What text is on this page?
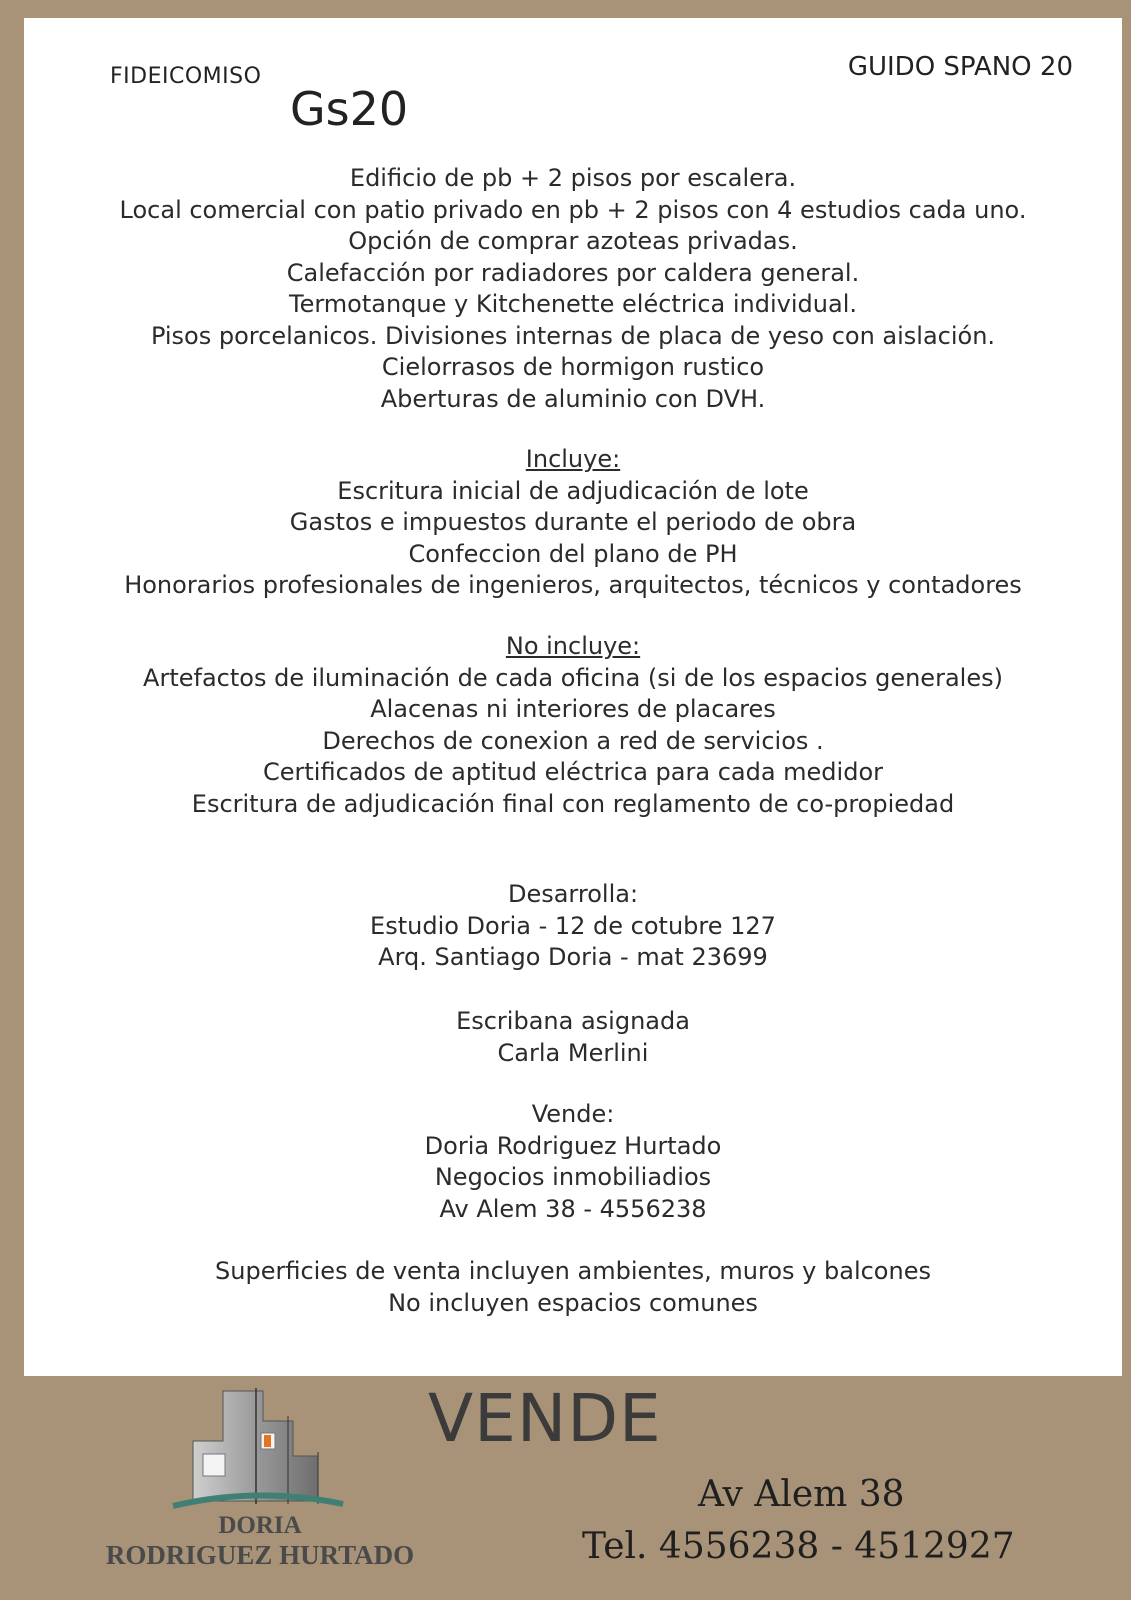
FIDEICOMISO
Gs20
GUIDO SPANO 20
Edificio de pb + 2 pisos por escalera.
Local comercial con patio privado en pb + 2 pisos con 4 estudios cada uno.
Opción de comprar azoteas privadas.
Calefacción por radiadores por caldera general.
Termotanque y Kitchenette eléctrica individual.
Pisos porcelanicos. Divisiones internas de placa de yeso con aislación.
Cielorrasos de hormigon rustico
Aberturas de aluminio con DVH.
Incluye:
Escritura inicial de adjudicación de lote
Gastos e impuestos durante el periodo de obra
Confeccion del plano de PH
Honorarios profesionales de ingenieros, arquitectos, técnicos y contadores
No incluye:
Artefactos de iluminación de cada oficina (si de los espacios generales)
Alacenas ni interiores de placares
Derechos de conexion a red de servicios .
Certificados de aptitud eléctrica para cada medidor
Escritura de adjudicación final con reglamento de co-propiedad
Desarrolla:
Estudio Doria - 12 de cotubre 127
Arq. Santiago Doria - mat 23699
Escribana asignada
Carla Merlini
Vende:
Doria Rodriguez Hurtado
Negocios inmobiliadios
Av Alem 38 - 4556238
Superficies de venta incluyen ambientes, muros y balcones
No incluyen espacios comunes
DORIA
RODRIGUEZ HURTADO
VENDE
Av Alem 38
Tel. 4556238 - 4512927
